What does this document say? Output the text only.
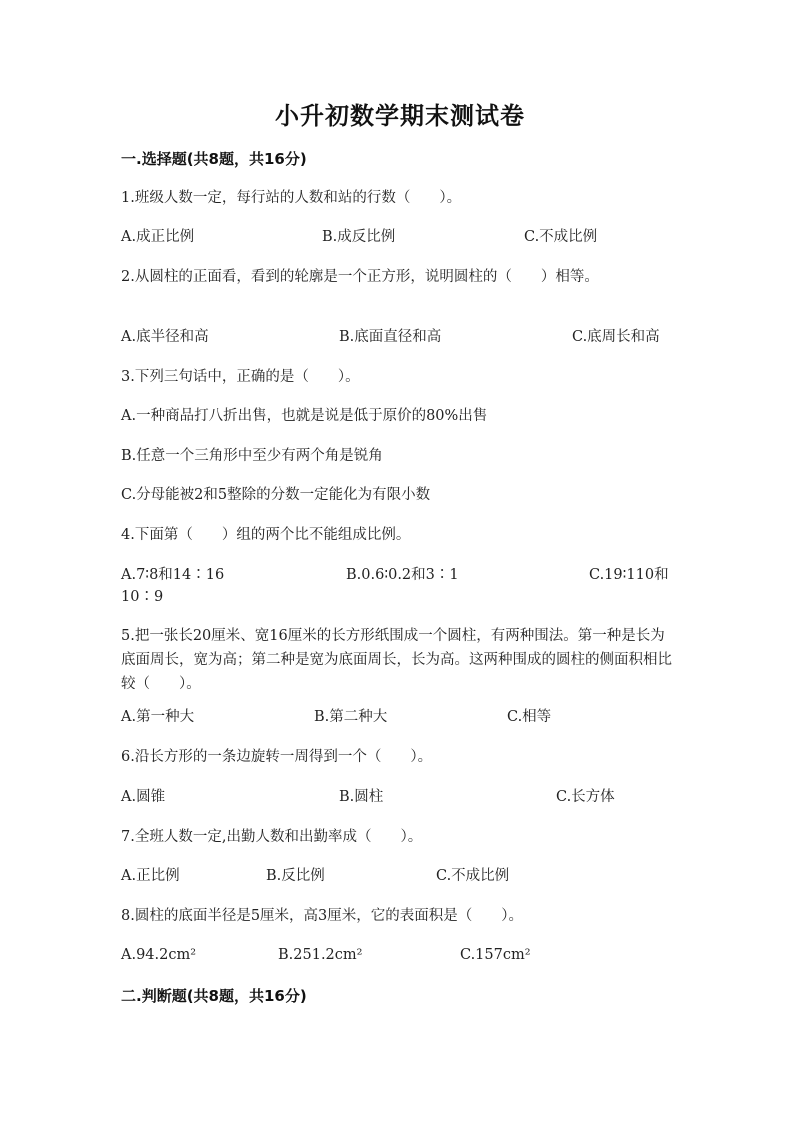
小升初数学期末测试卷
一.选择题(共8题，共16分)
1.班级人数一定，每行站的人数和站的行数（　　）。
A.成正比例	B.成反比例	C.不成比例
2.从圆柱的正面看，看到的轮廓是一个正方形，说明圆柱的（　　）相等。
A.底半径和高	B.底面直径和高	C.底周长和高
3.下列三句话中，正确的是（　　）。
A.一种商品打八折出售，也就是说是低于原价的80%出售
B.任意一个三角形中至少有两个角是锐角
C.分母能被2和5整除的分数一定能化为有限小数
4.下面第（　　）组的两个比不能组成比例。
A.7∶8和14∶16	B.0.6∶0.2和3∶1	C.19∶110和10∶9
5.把一张长20厘米、宽16厘米的长方形纸围成一个圆柱，有两种围法。第一种是长为底面周长，宽为高；第二种是宽为底面周长，长为高。这两种围成的圆柱的侧面积相比较（　　）。
A.第一种大	B.第二种大	C.相等
6.沿长方形的一条边旋转一周得到一个（　　）。
A.圆锥	B.圆柱	C.长方体
7.全班人数一定,出勤人数和出勤率成（　　）。
A.正比例	B.反比例	C.不成比例
8.圆柱的底面半径是5厘米，高3厘米，它的表面积是（　　）。
A.94.2cm²	B.251.2cm²	C.157cm²
二.判断题(共8题，共16分)
